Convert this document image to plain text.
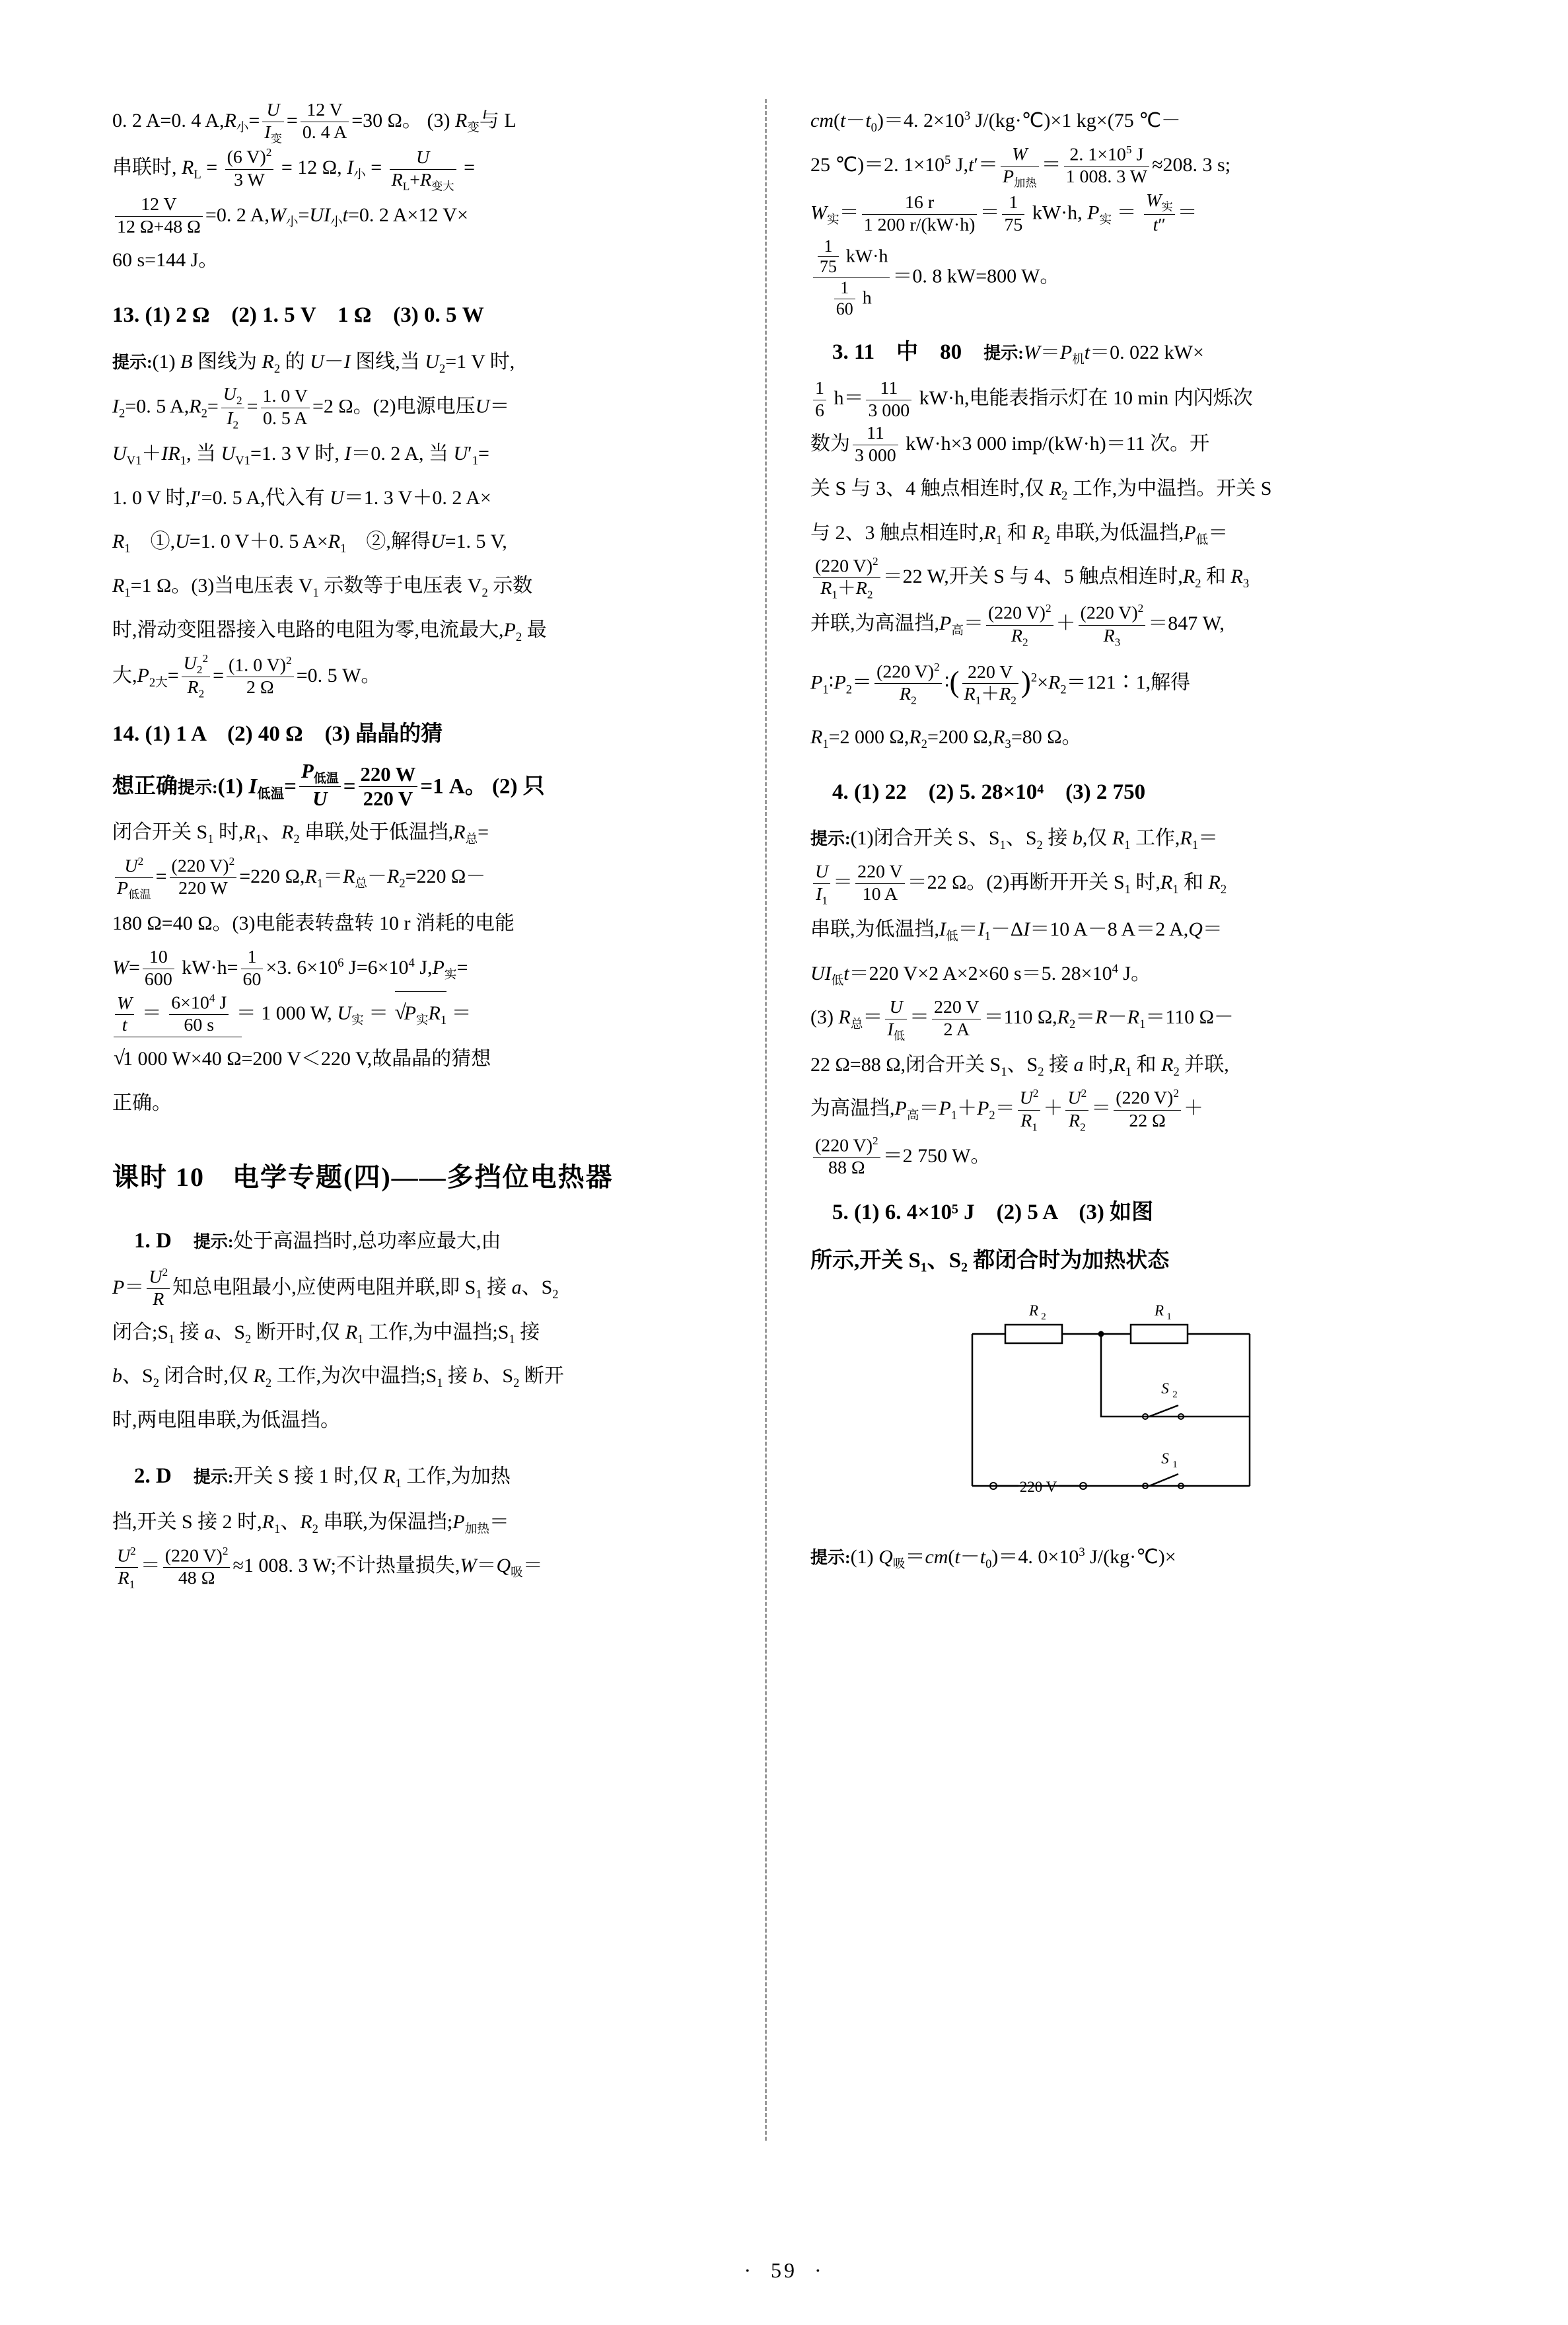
0. 2 A=0. 4 $A,R_小= \frac{U}{I_变} = \frac{12 V}{0. 4 A} =30$ Ω。 (3) $R_变$与 L

串联时, $R_L = \frac{(6 V)^2}{3 W} = 12$ Ω, $I_小 = \frac{U}{R_L+R_{变大}}$ =

$\frac{12 V}{12 \Omega+48 \Omega} =0$. 2 $A,W_小=UI_小t=0$. 2 A×12 V×

60 s=144 J。

13. (1) 2 Ω　(2) 1. 5 V　1 Ω　(3) 0. 5 W

提示:(1) B 图线为 $R_2$ 的 U－I 图线,当 $U_2=1$ V 时,

$I_2=0$. 5 $A,R_2= \frac{U_2}{I_2} = \frac{1. 0 V}{0. 5 A} =2$ Ω。(2)电源电压U＝

$U_{V1}+IR_1$, 当 $U_{V1}=1$. 3 V 时, I＝0. 2 A, 当 $U'_1=$

1. 0 V 时,I′=0. 5 A,代入有 U＝1. 3 V＋0. 2 A×

$R_1$　①,U=1. 0 V＋0. 5 $A\times R_1$　②,解得U=1. 5 V,

$R_1=1$ Ω。(3)当电压表 $V_1$ 示数等于电压表 $V_2$ 示数

时,滑动变阻器接入电路的电阻为零,电流最大$,P_2$ 最

大$,P_{2大}= \frac{U_2^2}{R_2} = \frac{(1. 0 V)^2}{2 \Omega} =0$. 5 W。

14. (1) 1 A　(2) 40 Ω　(3) 晶晶的猜

想正确提示:(1) $I_{低温}= \frac{P_{低温}}{U} = \frac{220 W}{220 V} =1$ A。 (2) 只

闭合开关 $S_1$ 时$,R_1$、$R_2$ 串联,处于低温挡$,R_总=$

$\frac{U^2}{P_{低温}} = \frac{(220 V)^2}{220 W} =220$ $\Omega,R_1=R_总-R_2=220$ Ω－

180 Ω=40 Ω。(3)电能表转盘转 10 r 消耗的电能

$W= \frac{10}{600} kW\cdot h= \frac{1}{60} \times 3$. $6\times 10^6$ $J=6\times 10^4$ $J,P_实=$

$\frac{W}{t} = \frac{6\times 10^4 J}{60 s} = 1$ 000 W, $U_实$ ＝ √ $P_实R_1$ ＝

√ 1 000 W×40 Ω=200 V＜220 V,故晶晶的猜想

正确。

课时 10　电学专题(四)——多挡位电热器

　1. D　 提示:处于高温挡时,总功率应最大,由

$P= \frac{U^2}{R}$ 知总电阻最小,应使两电阻并联,即 $S_1$ 接 a、$S_2$

闭合$;S_1$ 接 a、$S_2$ 断开时,仅 $R_1$ 工作,为中温挡$;S_1$ 接

b、$S_2$ 闭合时,仅 $R_2$ 工作,为次中温挡$;S_1$ 接 b、$S_2$ 断开

时,两电阻串联,为低温挡。

　2. D　 提示:开关 S 接 1 时,仅 $R_1$ 工作,为加热

挡,开关 S 接 2 时$,R_1$、$R_2$ 串联,为保温挡$;P_{加热}=$

$\frac{U^2}{R_1} = \frac{(220 V)^2}{48 \Omega} \approx 1$ 008. 3 W;不计热量损失$,W=Q_吸=$

$cm(t-t_0)=4$. $2\times 10^3$ J/(kg·℃)×1 kg×(75 ℃－

25 ℃)＝2. $1\times 10^5$ $J,t'= \frac{W}{P_{加热}} = \frac{2. 1\times 10^5 J}{1 008. 3 W} \approx 208$. 3 s;

$W_实= \frac{16 r}{1 200 r/(kW\cdot h)} = \frac{1}{75} kW\cdot h$, $P_实 = \frac{W_实}{t''}$ ＝

$\frac{\frac{1}{75} kW\cdot h}{\frac{1}{60} h} =0$. 8 kW=800 W。

　3. 11　中　80　 提示$:W=P_机t=0$. 022 kW×

$\frac{1}{6} h= \frac{11}{3 000} kW\cdot h$,电能表指示灯在 10 min 内闪烁次

数为 $\frac{11}{3 000} kW\cdot h\times 3$ 000 imp/(kW·h)＝11 次。开

关 S 与 3、4 触点相连时,仅 $R_2$ 工作,为中温挡。开关 S

与 2、3 触点相连时$,R_1$ 和 $R_2$ 串联,为低温挡$,P_低=$

$\frac{(220 V)^2}{R_1+R_2} =22$ W,开关 S 与 4、5 触点相连时$,R_2$ 和 $R_3$

并联,为高温挡$,P_高= \frac{(220 V)^2}{R_2} + \frac{(220 V)^2}{R_3} =847$ W,

$P_1∶P_2= \frac{(220 V)^2}{R_2}$ ∶( $\frac{220 V}{R_1+R_2}$ )$^2\times R_2=121∶1$,解得

$R_1=2$ 000 $\Omega,R_2=200$ $\Omega,R_3=80$ Ω。

　4. (1) 22　(2) 5. 28×10⁴　(3) 2 750

提示:(1)闭合开关 S、$S_1$、$S_2$ 接 b,仅 $R_1$ 工作$,R_1=$

$\frac{U}{I_1} = \frac{220 V}{10 A} =22$ Ω。(2)再断开开关 $S_1$ 时$,R_1$ 和 $R_2$

串联,为低温挡$,I_低=I_1-\Delta I=10$ A－8 A＝2 A,Q＝

$UI_低t=220$ V×2 A×2×60 s＝5. $28\times 10^4$ J。

(3) $R_总= \frac{U}{I_低} = \frac{220 V}{2 A} =110$ $\Omega,R_2=R-R_1=110$ Ω－

22 Ω=88 Ω,闭合开关 $S_1$、$S_2$ 接 a 时$,R_1$ 和 $R_2$ 并联,

为高温挡$,P_高=P_1+P_2= \frac{U^2}{R_1} + \frac{U^2}{R_2} = \frac{(220 V)^2}{22 \Omega}$ ＋

$\frac{(220 V)^2}{88 \Omega} =2$ 750 W。

　5. (1) 6. 4×10⁵ J　(2) 5 A　(3) 如图

所示,开关 S₁、S₂ 都闭合时为加热状态

R 2	R 1
S 2
S 1
220 V

提示:(1) $Q_吸=cm(t-t_0)=4$. $0\times 10^3$ J/(kg·℃)×

· 59 ·
